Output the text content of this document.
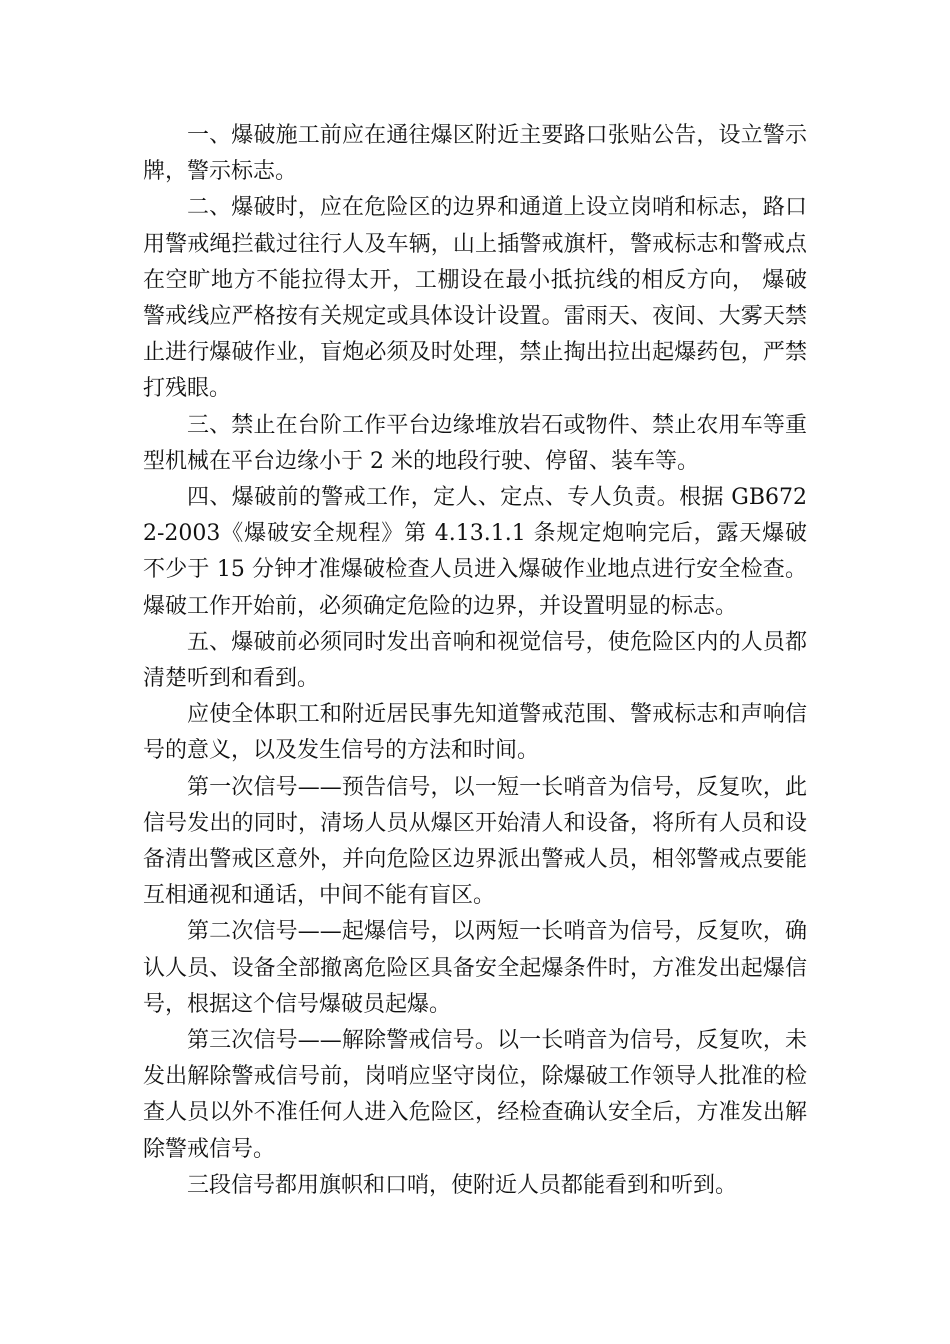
一、爆破施工前应在通往爆区附近主要路口张贴公告，设立警示牌，警示标志。

二、爆破时，应在危险区的边界和通道上设立岗哨和标志，路口用警戒绳拦截过往行人及车辆，山上插警戒旗杆，警戒标志和警戒点在空旷地方不能拉得太开，工棚设在最小抵抗线的相反方向， 爆破警戒线应严格按有关规定或具体设计设置。雷雨天、夜间、大雾天禁止进行爆破作业，盲炮必须及时处理，禁止掏出拉出起爆药包，严禁打残眼。

三、禁止在台阶工作平台边缘堆放岩石或物件、禁止农用车等重型机械在平台边缘小于 2 米的地段行驶、停留、装车等。

四、爆破前的警戒工作，定人、定点、专人负责。根据 GB6722-2003《爆破安全规程》第 4.13.1.1 条规定炮响完后，露天爆破不少于 15 分钟才准爆破检查人员进入爆破作业地点进行安全检查。爆破工作开始前，必须确定危险的边界，并设置明显的标志。

五、爆破前必须同时发出音响和视觉信号，使危险区内的人员都清楚听到和看到。

应使全体职工和附近居民事先知道警戒范围、警戒标志和声响信号的意义，以及发生信号的方法和时间。

第一次信号——预告信号，以一短一长哨音为信号，反复吹，此信号发出的同时，清场人员从爆区开始清人和设备，将所有人员和设备清出警戒区意外，并向危险区边界派出警戒人员，相邻警戒点要能互相通视和通话，中间不能有盲区。

第二次信号——起爆信号，以两短一长哨音为信号，反复吹，确认人员、设备全部撤离危险区具备安全起爆条件时，方准发出起爆信号，根据这个信号爆破员起爆。

第三次信号——解除警戒信号。以一长哨音为信号，反复吹，未发出解除警戒信号前，岗哨应坚守岗位，除爆破工作领导人批准的检查人员以外不准任何人进入危险区，经检查确认安全后，方准发出解除警戒信号。

三段信号都用旗帜和口哨，使附近人员都能看到和听到。
